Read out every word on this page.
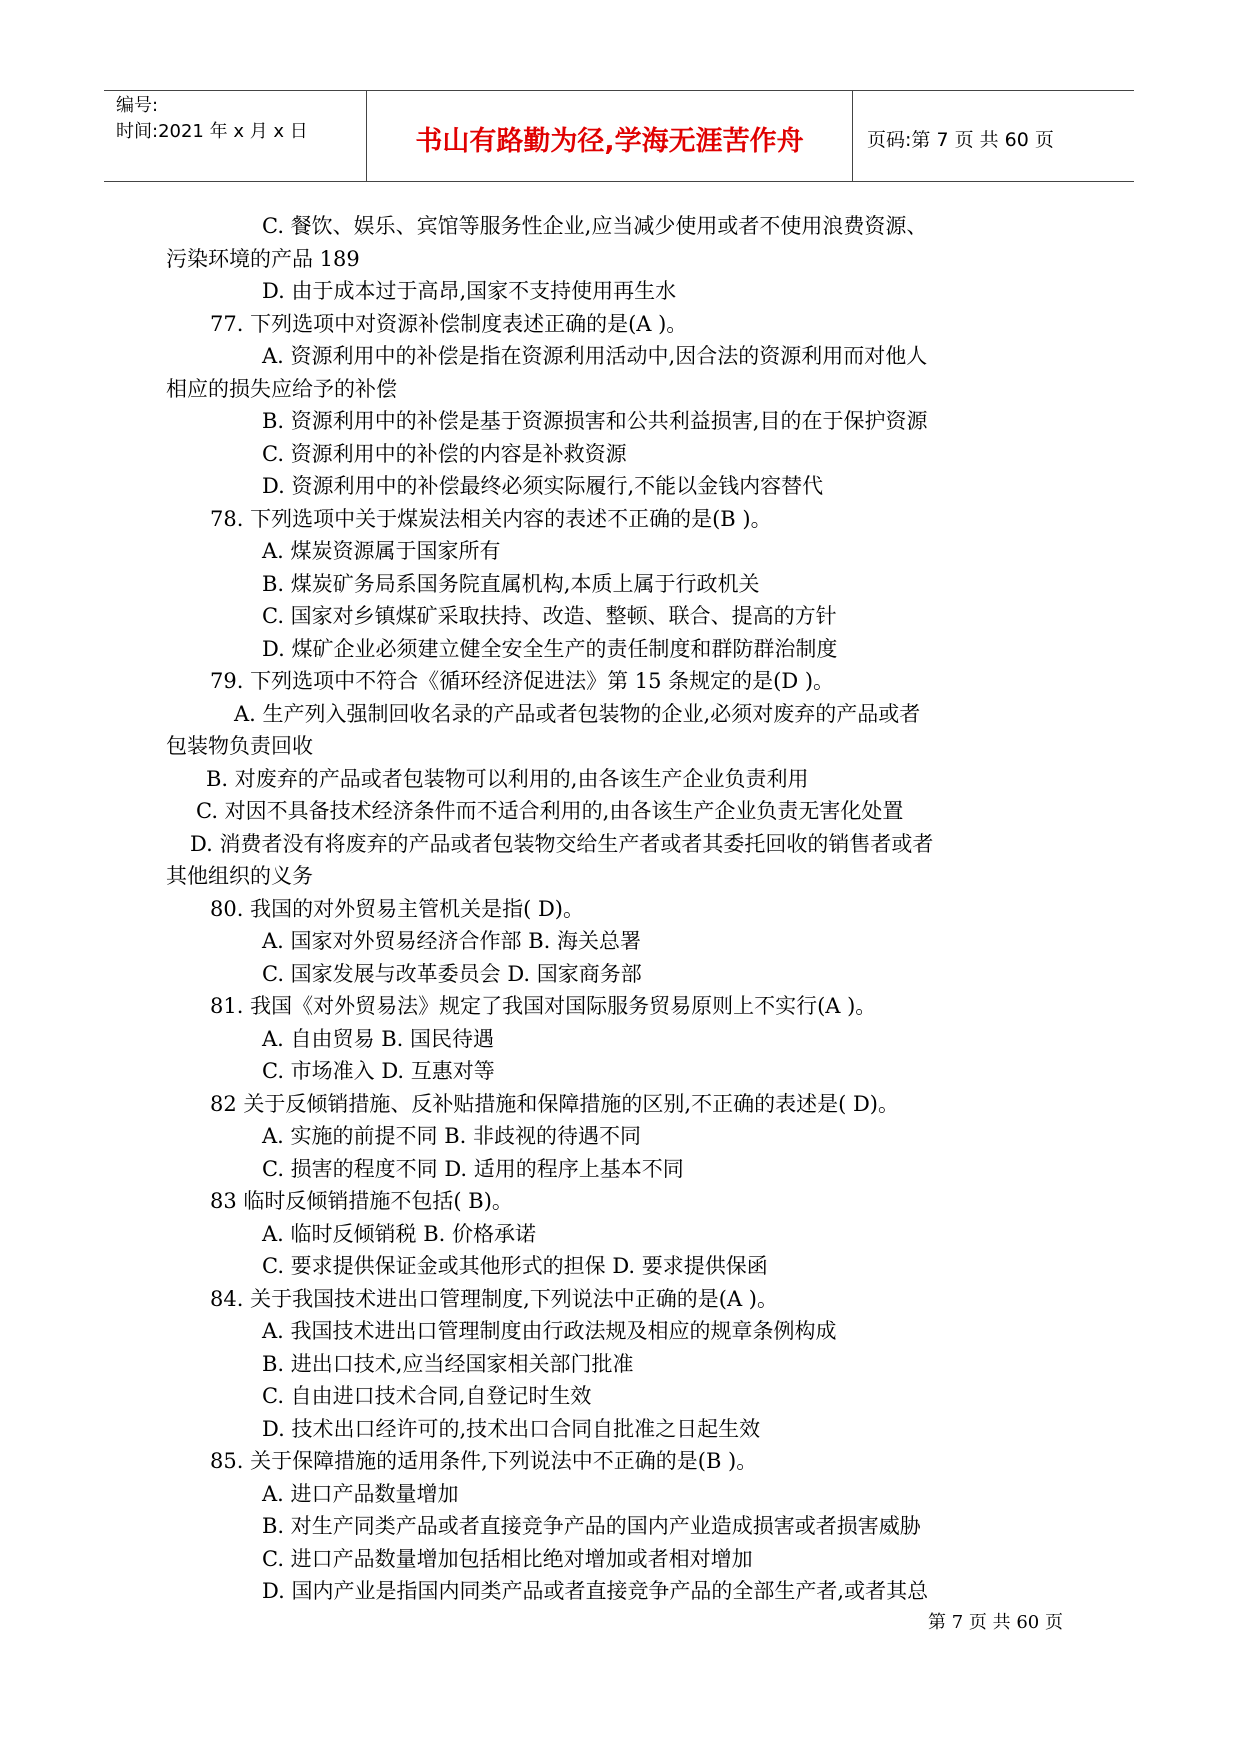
编号:
时间:2021 年 x 月 x 日	书山有路勤为径,学海无涯苦作舟	页码:第 7 页 共 60 页
C. 餐饮、娱乐、宾馆等服务性企业,应当减少使用或者不使用浪费资源、
污染环境的产品 189
D. 由于成本过于高昂,国家不支持使用再生水
77. 下列选项中对资源补偿制度表述正确的是(A )。
A. 资源利用中的补偿是指在资源利用活动中,因合法的资源利用而对他人
相应的损失应给予的补偿
B. 资源利用中的补偿是基于资源损害和公共利益损害,目的在于保护资源
C. 资源利用中的补偿的内容是补救资源
D. 资源利用中的补偿最终必须实际履行,不能以金钱内容替代
78. 下列选项中关于煤炭法相关内容的表述不正确的是(B )。
A. 煤炭资源属于国家所有
B. 煤炭矿务局系国务院直属机构,本质上属于行政机关
C. 国家对乡镇煤矿采取扶持、改造、整顿、联合、提高的方针
D. 煤矿企业必须建立健全安全生产的责任制度和群防群治制度
79. 下列选项中不符合《循环经济促进法》第 15 条规定的是(D )。
A. 生产列入强制回收名录的产品或者包装物的企业,必须对废弃的产品或者
包装物负责回收
B. 对废弃的产品或者包装物可以利用的,由各该生产企业负责利用
C. 对因不具备技术经济条件而不适合利用的,由各该生产企业负责无害化处置
D. 消费者没有将废弃的产品或者包装物交给生产者或者其委托回收的销售者或者
其他组织的义务
80. 我国的对外贸易主管机关是指( D)。
A. 国家对外贸易经济合作部 B. 海关总署
C. 国家发展与改革委员会 D. 国家商务部
81. 我国《对外贸易法》规定了我国对国际服务贸易原则上不实行(A )。
A. 自由贸易 B. 国民待遇
C. 市场准入 D. 互惠对等
82 关于反倾销措施、反补贴措施和保障措施的区别,不正确的表述是( D)。
A. 实施的前提不同 B. 非歧视的待遇不同
C. 损害的程度不同 D. 适用的程序上基本不同
83 临时反倾销措施不包括( B)。
A. 临时反倾销税 B. 价格承诺
C. 要求提供保证金或其他形式的担保 D. 要求提供保函
84. 关于我国技术进出口管理制度,下列说法中正确的是(A )。
A. 我国技术进出口管理制度由行政法规及相应的规章条例构成
B. 进出口技术,应当经国家相关部门批准
C. 自由进口技术合同,自登记时生效
D. 技术出口经许可的,技术出口合同自批准之日起生效
85. 关于保障措施的适用条件,下列说法中不正确的是(B )。
A. 进口产品数量增加
B. 对生产同类产品或者直接竞争产品的国内产业造成损害或者损害威胁
C. 进口产品数量增加包括相比绝对增加或者相对增加
D. 国内产业是指国内同类产品或者直接竞争产品的全部生产者,或者其总
第 7 页 共 60 页
